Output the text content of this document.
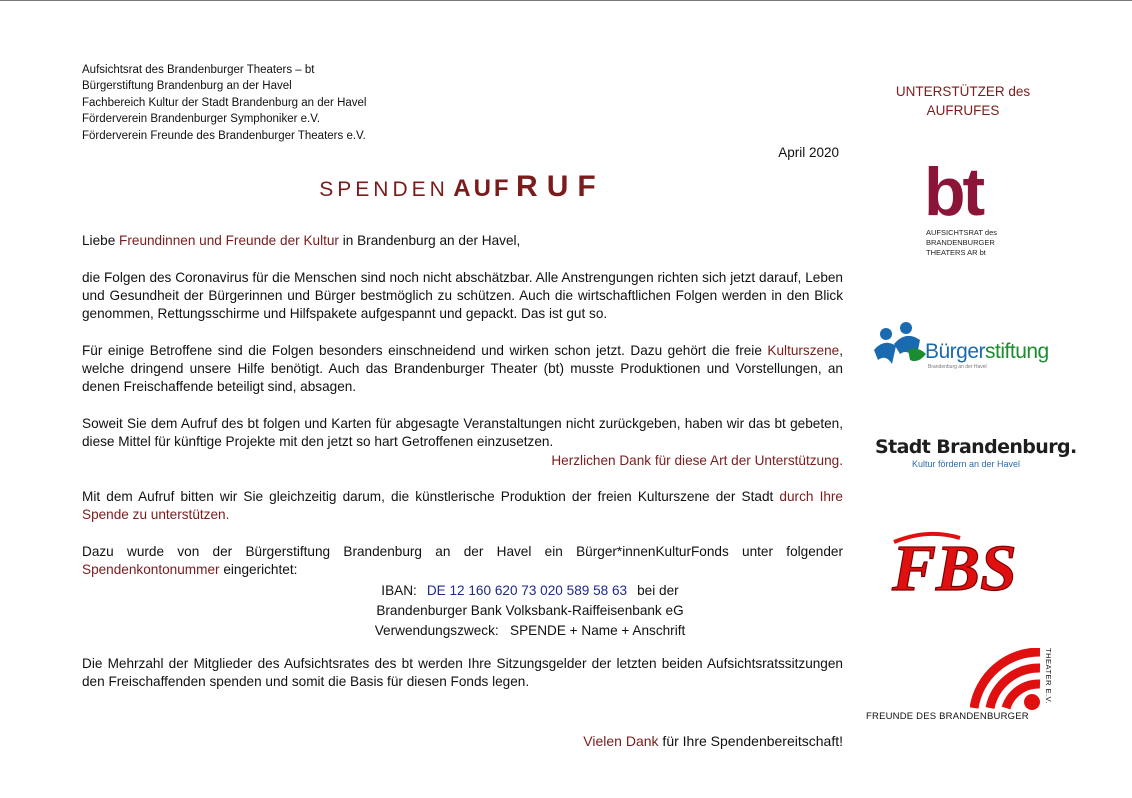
Aufsichtsrat des Brandenburger Theaters – bt
Bürgerstiftung Brandenburg an der Havel
Fachbereich Kultur der Stadt Brandenburg an der Havel
Förderverein Brandenburger Symphoniker e.V.
Förderverein Freunde des Brandenburger Theaters e.V.
April 2020
SPENDEN AUF RUF
Liebe Freundinnen und Freunde der Kultur in Brandenburg an der Havel,
die Folgen des Coronavirus für die Menschen sind noch nicht abschätzbar. Alle Anstrengungen richten sich jetzt darauf, Leben und Gesundheit der Bürgerinnen und Bürger bestmöglich zu schützen. Auch die wirtschaftlichen Folgen werden in den Blick genommen, Rettungsschirme und Hilfspakete aufgespannt und gepackt. Das ist gut so.
Für einige Betroffene sind die Folgen besonders einschneidend und wirken schon jetzt. Dazu gehört die freie Kulturszene, welche dringend unsere Hilfe benötigt. Auch das Brandenburger Theater (bt) musste Produktionen und Vorstellungen, an denen Freischaffende beteiligt sind, absagen.
Soweit Sie dem Aufruf des bt folgen und Karten für abgesagte Veranstaltungen nicht zurückgeben, haben wir das bt gebeten, diese Mittel für künftige Projekte mit den jetzt so hart Getroffenen einzusetzen.
Herzlichen Dank für diese Art der Unterstützung.
Mit dem Aufruf bitten wir Sie gleichzeitig darum, die künstlerische Produktion der freien Kulturszene der Stadt durch Ihre Spende zu unterstützen.
Dazu wurde von der Bürgerstiftung Brandenburg an der Havel ein Bürger*innenKulturFonds unter folgender Spendenkontonummer eingerichtet:
IBAN: DE 12 160 620 73 020 589 58 63 bei der
Brandenburger Bank Volksbank-Raiffeisenbank eG
Verwendungszweck: SPENDE + Name + Anschrift
Die Mehrzahl der Mitglieder des Aufsichtsrates des bt werden Ihre Sitzungsgelder der letzten beiden Aufsichtsratssitzungen den Freischaffenden spenden und somit die Basis für diesen Fonds legen.
Vielen Dank für Ihre Spendenbereitschaft!
UNTERSTÜTZER des
AUFRUFES
bt
AUFSICHTSRAT des
BRANDENBURGER
THEATERS AR bt
Bürgerstiftung
Brandenburg an der Havel
Stadt Brandenburg.
Kultur fördern an der Havel
FBS
THEATER E.V.
FREUNDE DES BRANDENBURGER
